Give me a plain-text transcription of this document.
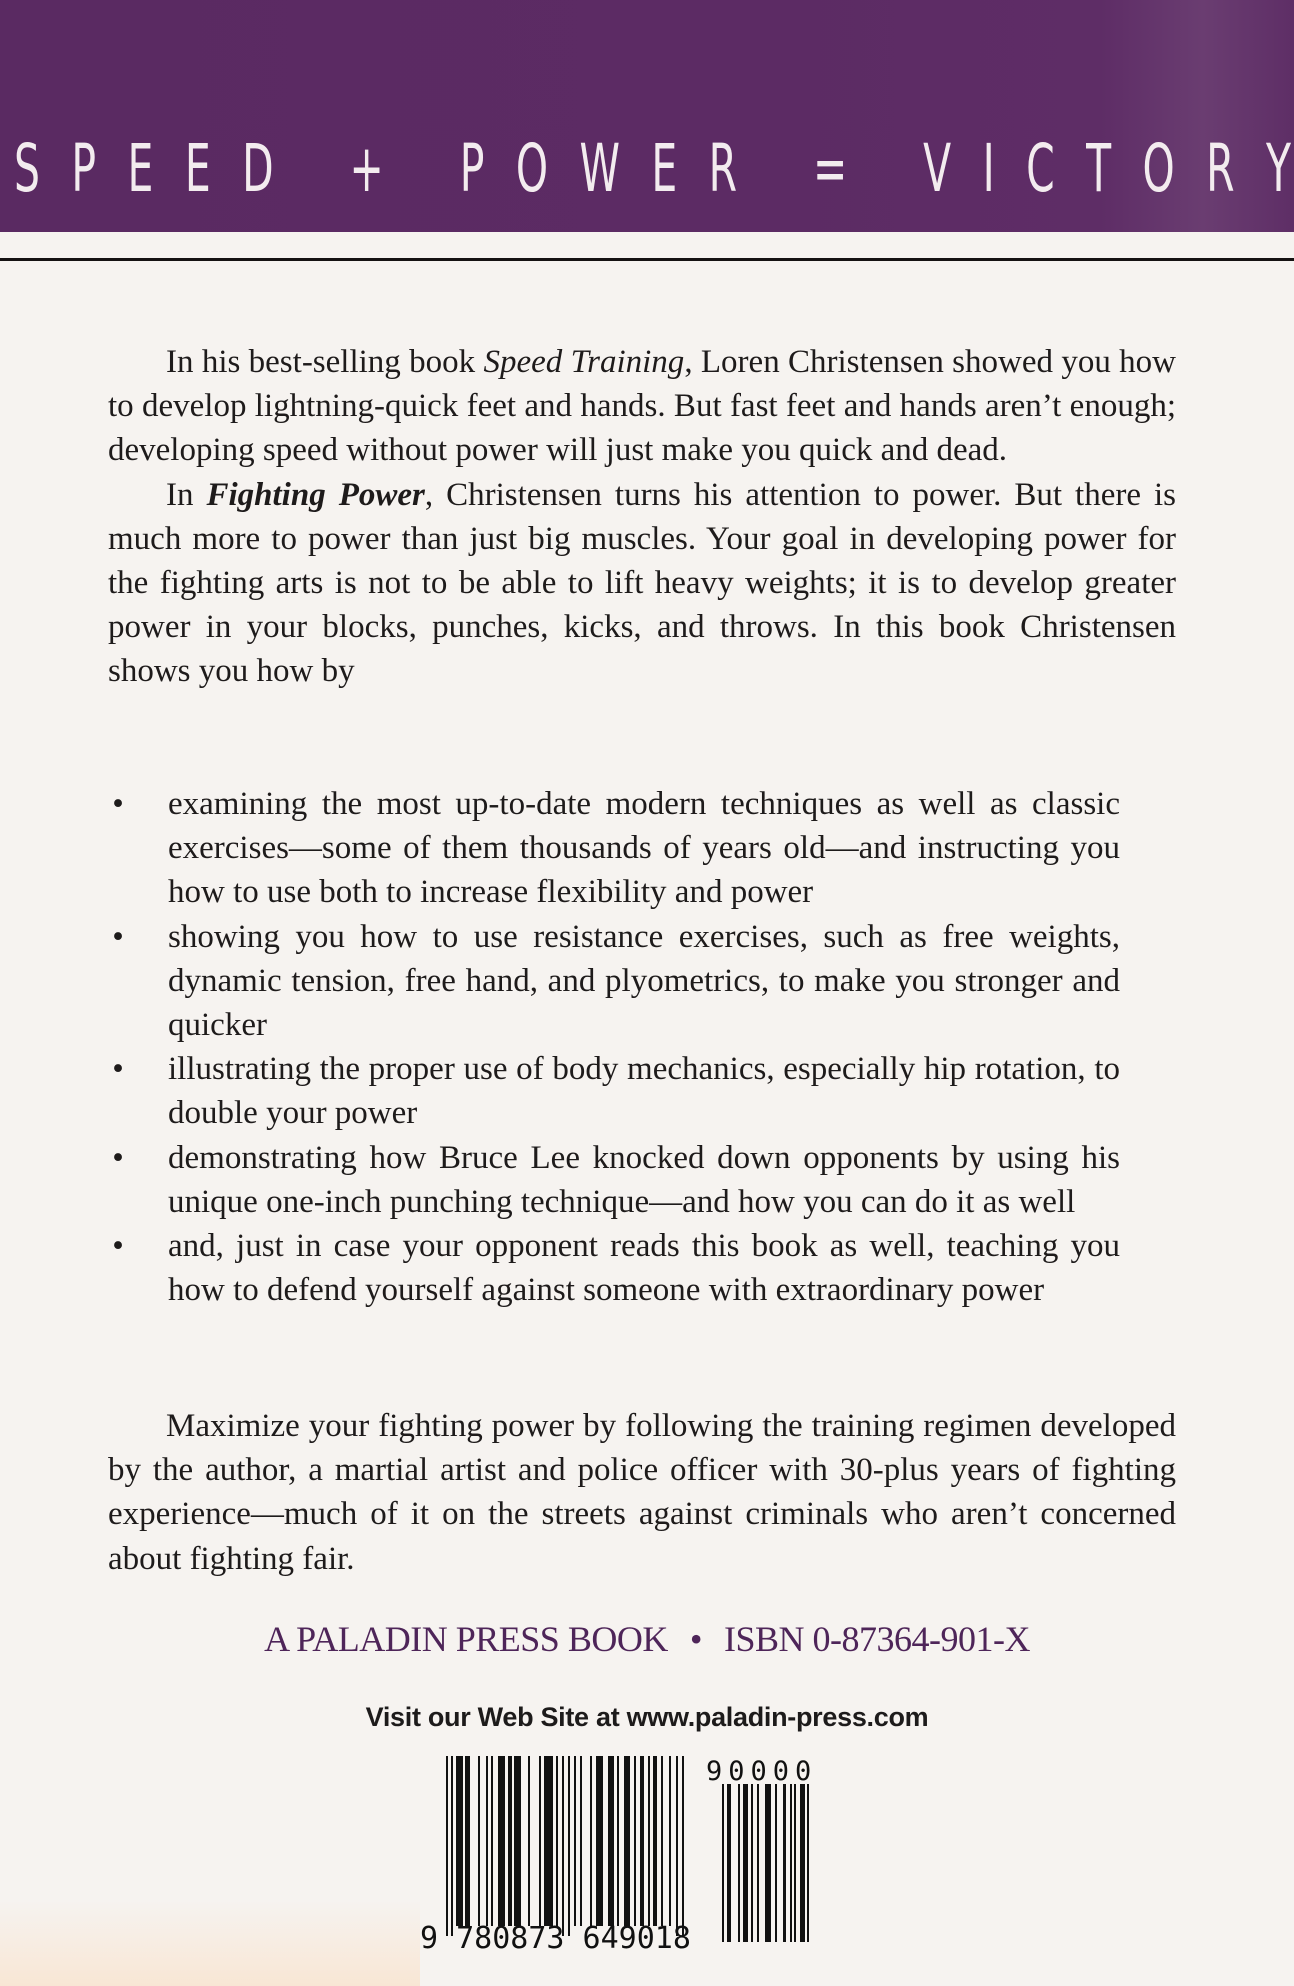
S P E E D
+
P O W E R
=
V I C T O R Y

In his best-selling book Speed Training, Loren Christensen showed you how to develop lightning-quick feet and hands. But fast feet and hands aren’t enough; developing speed without power will just make you quick and dead.

In Fighting Power, Christensen turns his attention to power. But there is much more to power than just big muscles. Your goal in developing power for the fighting arts is not to be able to lift heavy weights; it is to develop greater power in your blocks, punches, kicks, and throws. In this book Christensen shows you how by

• examining the most up-to-date modern techniques as well as classic exercises—some of them thousands of years old—and instructing you how to use both to increase flexibility and power
• showing you how to use resistance exercises, such as free weights, dynamic tension, free hand, and plyometrics, to make you stronger and quicker
• illustrating the proper use of body mechanics, especially hip rotation, to double your power
• demonstrating how Bruce Lee knocked down opponents by using his unique one-inch punching technique—and how you can do it as well
• and, just in case your opponent reads this book as well, teaching you how to defend yourself against someone with extraordinary power

Maximize your fighting power by following the training regimen developed by the author, a martial artist and police officer with 30-plus years of fighting experience—much of it on the streets against criminals who aren’t concerned about fighting fair.

A PALADIN PRESS BOOK • ISBN 0-87364-901-X
Visit our Web Site at www.paladin-press.com
9 780873 649018
90000
